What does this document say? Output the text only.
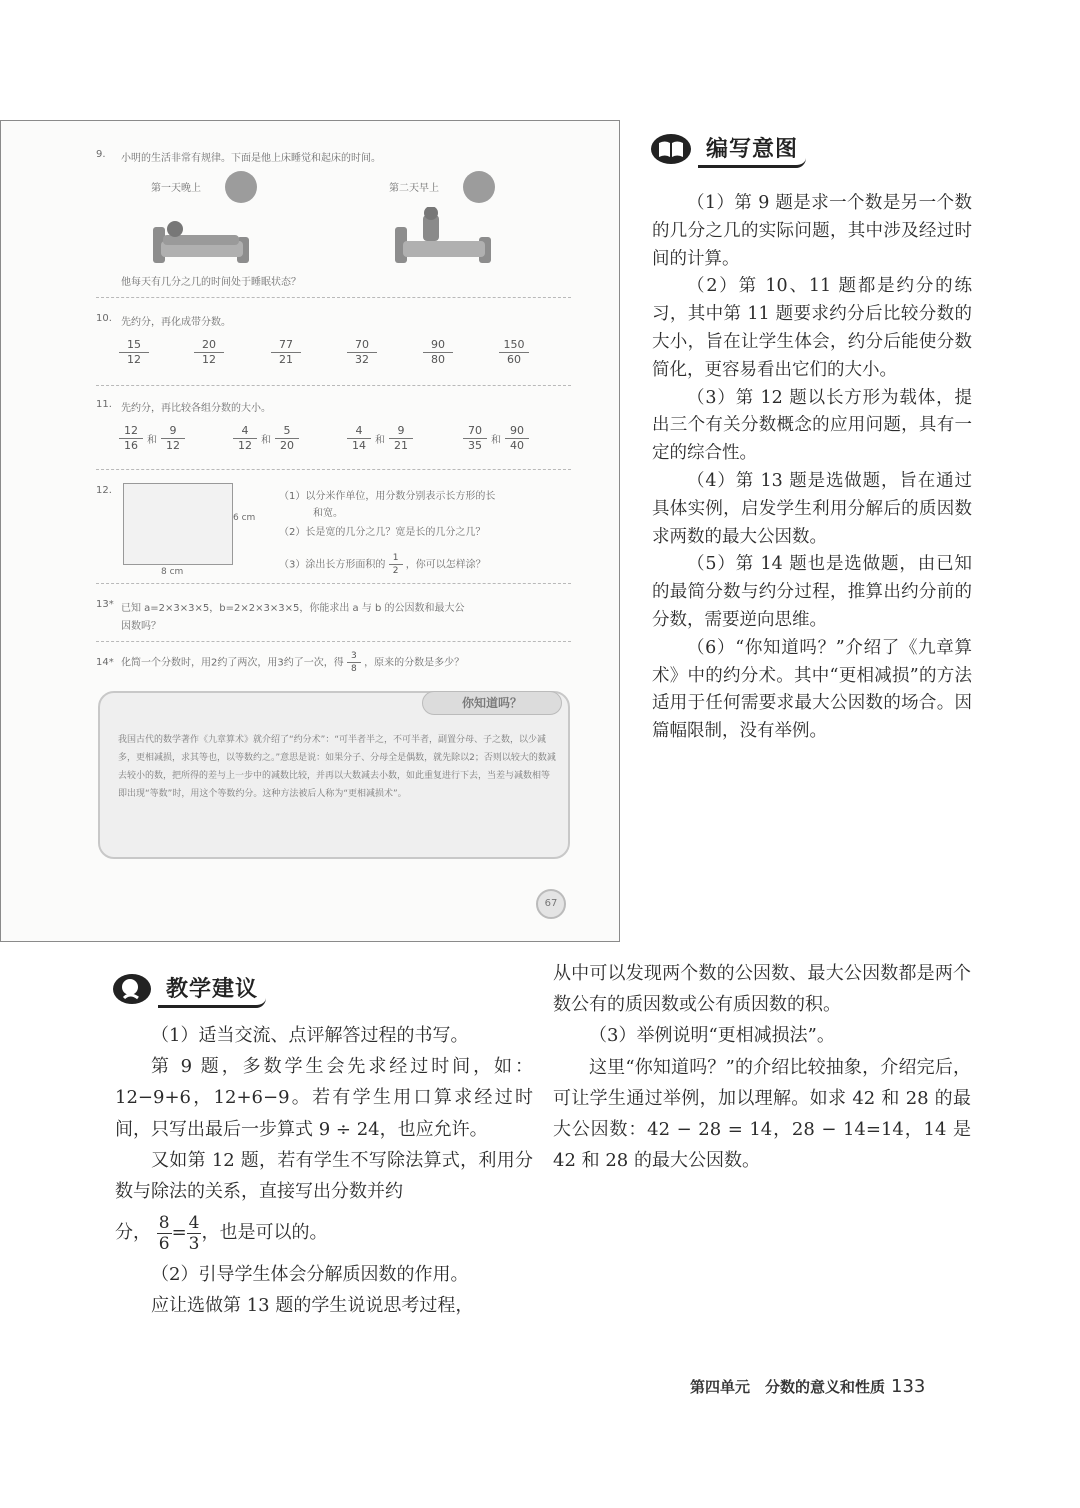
9. 小明的生活非常有规律。下面是他上床睡觉和起床的时间。
第一天晚上	第二天早上
他每天有几分之几的时间处于睡眠状态？
10. 先约分，再化成带分数。
$\frac{15}{12}$	$\frac{20}{12}$	$\frac{77}{21}$	$\frac{70}{32}$	$\frac{90}{80}$	$\frac{150}{60}$
11. 先约分，再比较各组分数的大小。
$\frac{12}{16}$ 和 $\frac{9}{12}$	$\frac{4}{12}$ 和 $\frac{5}{20}$	$\frac{4}{14}$ 和 $\frac{9}{21}$	$\frac{70}{35}$ 和 $\frac{90}{40}$
12.
6 cm
8 cm
（1）以分米作单位，用分数分别表示长方形的长
和宽。
（2）长是宽的几分之几？宽是长的几分之几？
（3）涂出长方形面积的 $\frac{1}{2}$ ，你可以怎样涂？
13* 已知 a=2×3×3×5，b=2×2×3×3×5，你能求出 a 与 b 的公因数和最大公
因数吗？
14* 化简一个分数时，用2约了两次，用3约了一次，得 $\frac{3}{8}$ ，原来的分数是多少？
你知道吗？
我国古代的数学著作《九章算术》就介绍了“约分术”：“可半者半之，不可半者，副置分母、子之数，以少减多，更相减损，求其等也，以等数约之。”意思是说：如果分子、分母全是偶数，就先除以2；否则以较大的数减去较小的数，把所得的差与上一步中的减数比较，并再以大数减去小数，如此重复进行下去，当差与减数相等即出现“等数”时，用这个等数约分。这种方法被后人称为“更相减损术”。
67
编写意图

（1）第 9 题是求一个数是另一个数的几分之几的实际问题，其中涉及经过时间的计算。

（2）第 10、11 题都是约分的练习，其中第 11 题要求约分后比较分数的大小，旨在让学生体会，约分后能使分数简化，更容易看出它们的大小。

（3）第 12 题以长方形为载体，提出三个有关分数概念的应用问题，具有一定的综合性。

（4）第 13 题是选做题，旨在通过具体实例，启发学生利用分解后的质因数求两数的最大公因数。

（5）第 14 题也是选做题，由已知的最简分数与约分过程，推算出约分前的分数，需要逆向思维。

（6）“你知道吗？”介绍了《九章算术》中的约分术。其中“更相减损”的方法适用于任何需要求最大公因数的场合。因篇幅限制，没有举例。

教学建议

（1）适当交流、点评解答过程的书写。

第 9 题，多数学生会先求经过时间，如：12−9+6，12+6−9。若有学生用口算求经过时间，只写出最后一步算式 9 ÷ 24，也应允许。

又如第 12 题，若有学生不写除法算式，利用分数与除法的关系，直接写出分数并约

分， $\frac{8}{6} = \frac{4}{3}$ ，也是可以的。

（2）引导学生体会分解质因数的作用。

应让选做第 13 题的学生说说思考过程，

从中可以发现两个数的公因数、最大公因数都是两个数公有的质因数或公有质因数的积。

（3）举例说明“更相减损法”。

这里“你知道吗？”的介绍比较抽象，介绍完后，可让学生通过举例，加以理解。如求 42 和 28 的最大公因数：42 − 28 = 14，28 − 14=14，14 是 42 和 28 的最大公因数。

第四单元　分数的意义和性质 133
